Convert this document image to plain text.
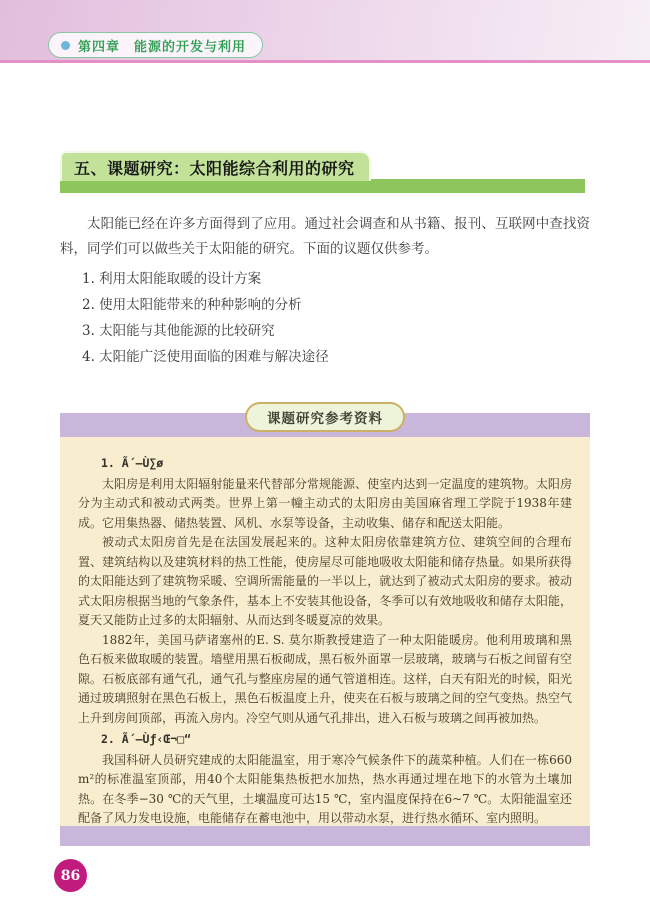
第四章　能源的开发与利用
五、课题研究：太阳能综合利用的研究

太阳能已经在许多方面得到了应用。通过社会调查和从书籍、报刊、互联网中查找资料，同学们可以做些关于太阳能的研究。下面的议题仅供参考。

1. 利用太阳能取暖的设计方案
2. 使用太阳能带来的种种影响的分析
3. 太阳能与其他能源的比较研究
4. 太阳能广泛使用面临的困难与解决途径
课题研究参考资料

1. Ã´–Ù∑ø

太阳房是利用太阳辐射能量来代替部分常规能源、使室内达到一定温度的建筑物。太阳房分为主动式和被动式两类。世界上第一幢主动式的太阳房由美国麻省理工学院于1938年建成。它用集热器、储热装置、风机、水泵等设备，主动收集、储存和配送太阳能。

被动式太阳房首先是在法国发展起来的。这种太阳房依靠建筑方位、建筑空间的合理布置、建筑结构以及建筑材料的热工性能，使房屋尽可能地吸收太阳能和储存热量。如果所获得的太阳能达到了建筑物采暖、空调所需能量的一半以上，就达到了被动式太阳房的要求。被动式太阳房根据当地的气象条件，基本上不安装其他设备，冬季可以有效地吸收和储存太阳能，夏天又能防止过多的太阳辐射、从而达到冬暖夏凉的效果。

1882年，美国马萨诸塞州的E. S. 莫尔斯教授建造了一种太阳能暖房。他利用玻璃和黑色石板来做取暖的装置。墙壁用黑石板砌成，黑石板外面罩一层玻璃，玻璃与石板之间留有空隙。石板底部有通气孔，通气孔与整座房屋的通气管道相连。这样，白天有阳光的时候，阳光通过玻璃照射在黑色石板上，黑色石板温度上升，使夹在石板与玻璃之间的空气变热。热空气上升到房间顶部，再流入房内。冷空气则从通气孔排出，进入石板与玻璃之间再被加热。

2. Ã´–Ùƒ‹Œ¬□“

我国科研人员研究建成的太阳能温室，用于寒冷气候条件下的蔬菜种植。人们在一栋660 m²的标准温室顶部，用40个太阳能集热板把水加热，热水再通过埋在地下的水管为土壤加热。在冬季−30 ℃的天气里，土壤温度可达15 ℃，室内温度保持在6~7 ℃。太阳能温室还配备了风力发电设施，电能储存在蓄电池中，用以带动水泵，进行热水循环、室内照明。

86
